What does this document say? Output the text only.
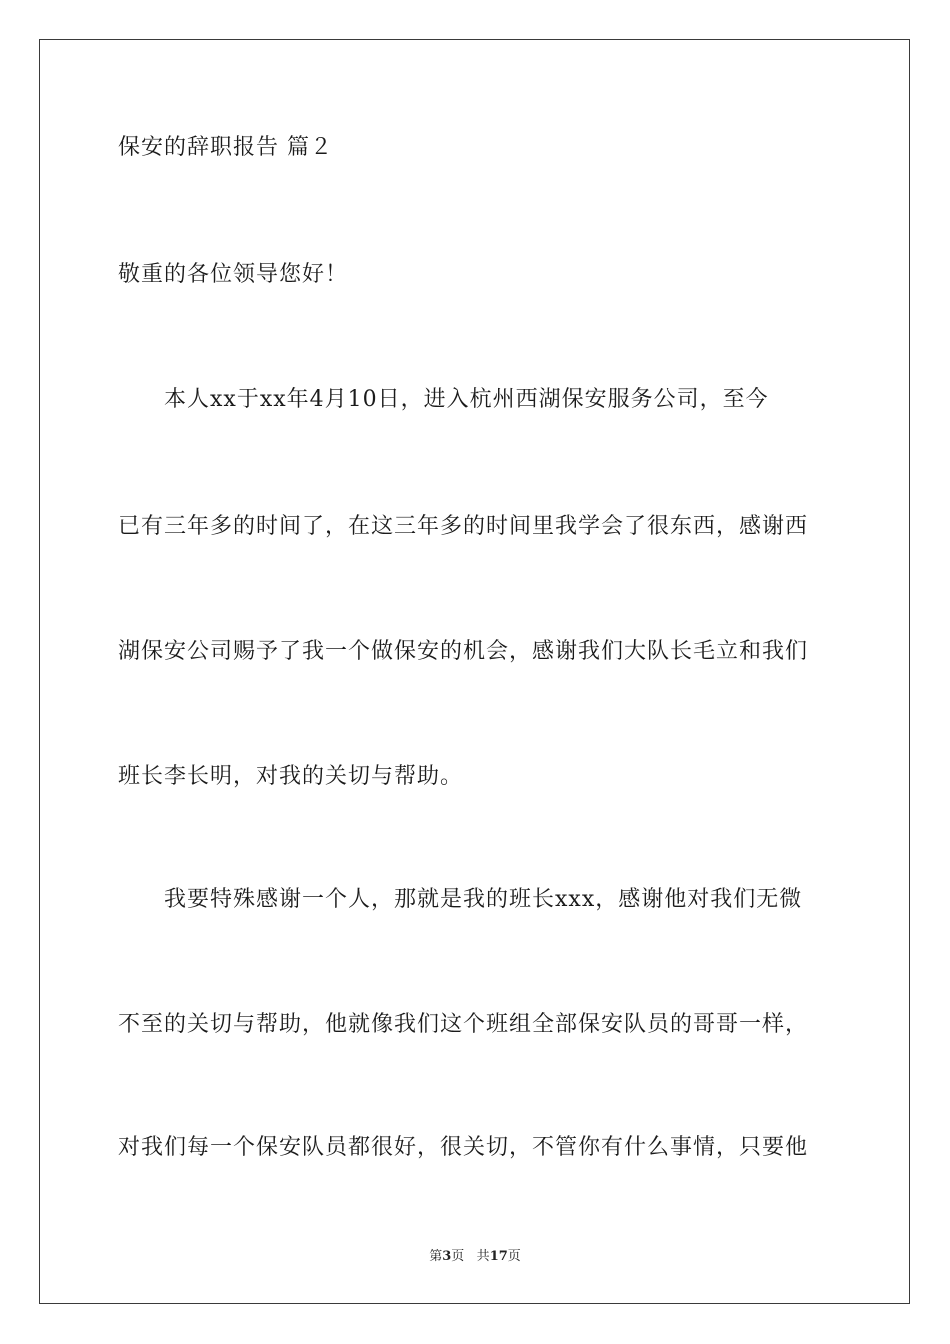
保安的辞职报告 篇２
敬重的各位领导您好！
本人xx于xx年4月10日，进入杭州西湖保安服务公司，至今
已有三年多的时间了，在这三年多的时间里我学会了很东西，感谢西
湖保安公司赐予了我一个做保安的机会，感谢我们大队长毛立和我们
班长李长明，对我的关切与帮助。
我要特殊感谢一个人，那就是我的班长xxx，感谢他对我们无微
不至的关切与帮助，他就像我们这个班组全部保安队员的哥哥一样，
对我们每一个保安队员都很好，很关切，不管你有什么事情，只要他
第3页 共17页
